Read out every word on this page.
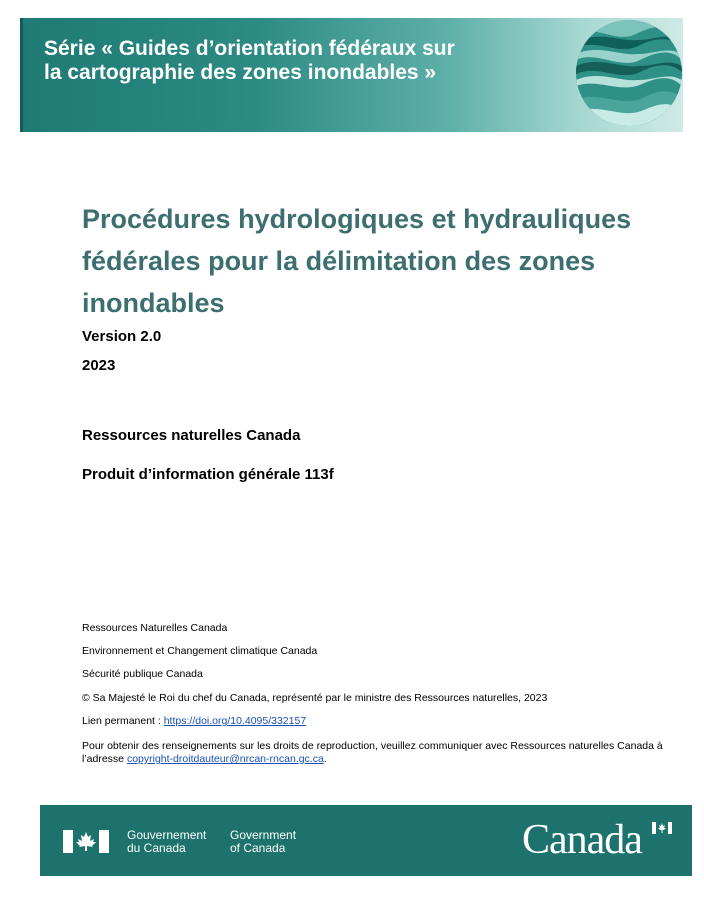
Série « Guides d’orientation fédéraux sur la cartographie des zones inondables »
Procédures hydrologiques et hydrauliques fédérales pour la délimitation des zones inondables

Version 2.0

2023

Ressources naturelles Canada

Produit d’information générale 113f

Ressources Naturelles Canada

Environnement et Changement climatique Canada

Sécurité publique Canada

© Sa Majesté le Roi du chef du Canada, représenté par le ministre des Ressources naturelles, 2023

Lien permanent : https://doi.org/10.4095/332157

Pour obtenir des renseignements sur les droits de reproduction, veuillez communiquer avec Ressources naturelles Canada à l’adresse copyright-droitdauteur@nrcan-rncan.gc.ca.

Gouvernement
du Canada
Government
of Canada	Canada
